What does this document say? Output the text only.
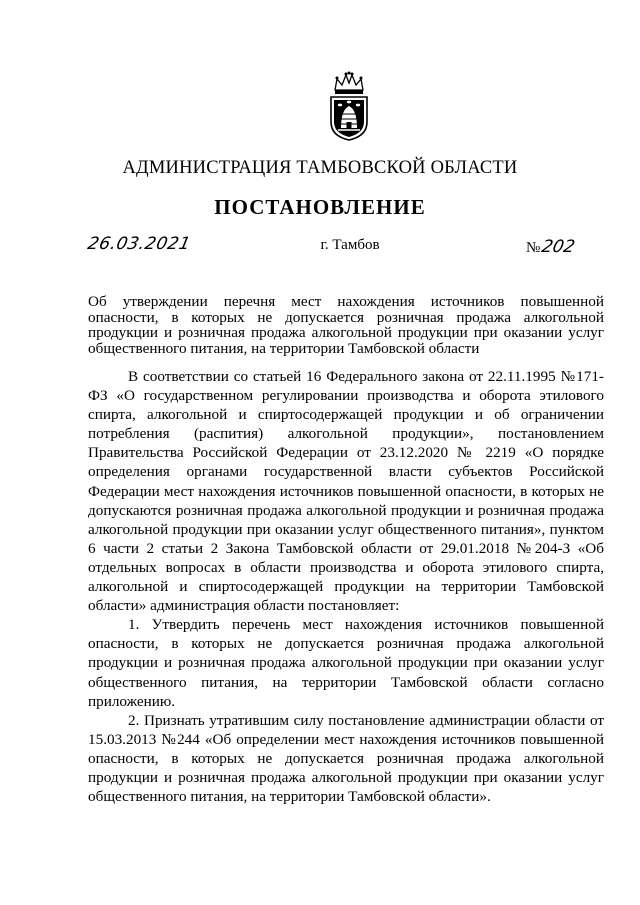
АДМИНИСТРАЦИЯ ТАМБОВСКОЙ ОБЛАСТИ
ПОСТАНОВЛЕНИЕ
26.03.2021	г. Тамбов	№202
Об утверждении перечня мест нахождения источников повышенной опасности, в которых не допускается розничная продажа алкогольной продукции и розничная продажа алкогольной продукции при оказании услуг общественного питания, на территории Тамбовской области

В соответствии со статьей 16 Федерального закона от 22.11.1995 №171-ФЗ «О государственном регулировании производства и оборота этилового спирта, алкогольной и спиртосодержащей продукции и об ограничении потребления (распития) алкогольной продукции», постановлением Правительства Российской Федерации от 23.12.2020 № 2219 «О порядке определения органами государственной власти субъектов Российской Федерации мест нахождения источников повышенной опасности, в которых не допускаются розничная продажа алкогольной продукции и розничная продажа алкогольной продукции при оказании услуг общественного питания», пунктом 6 части 2 статьи 2 Закона Тамбовской области от 29.01.2018 №204-З «Об отдельных вопросах в области производства и оборота этилового спирта, алкогольной и спиртосодержащей продукции на территории Тамбовской области» администрация области постановляет:

1. Утвердить перечень мест нахождения источников повышенной опасности, в которых не допускается розничная продажа алкогольной продукции и розничная продажа алкогольной продукции при оказании услуг общественного питания, на территории Тамбовской области согласно приложению.

2. Признать утратившим силу постановление администрации области от 15.03.2013 №244 «Об определении мест нахождения источников повышенной опасности, в которых не допускается розничная продажа алкогольной продукции и розничная продажа алкогольной продукции при оказании услуг общественного питания, на территории Тамбовской области».
